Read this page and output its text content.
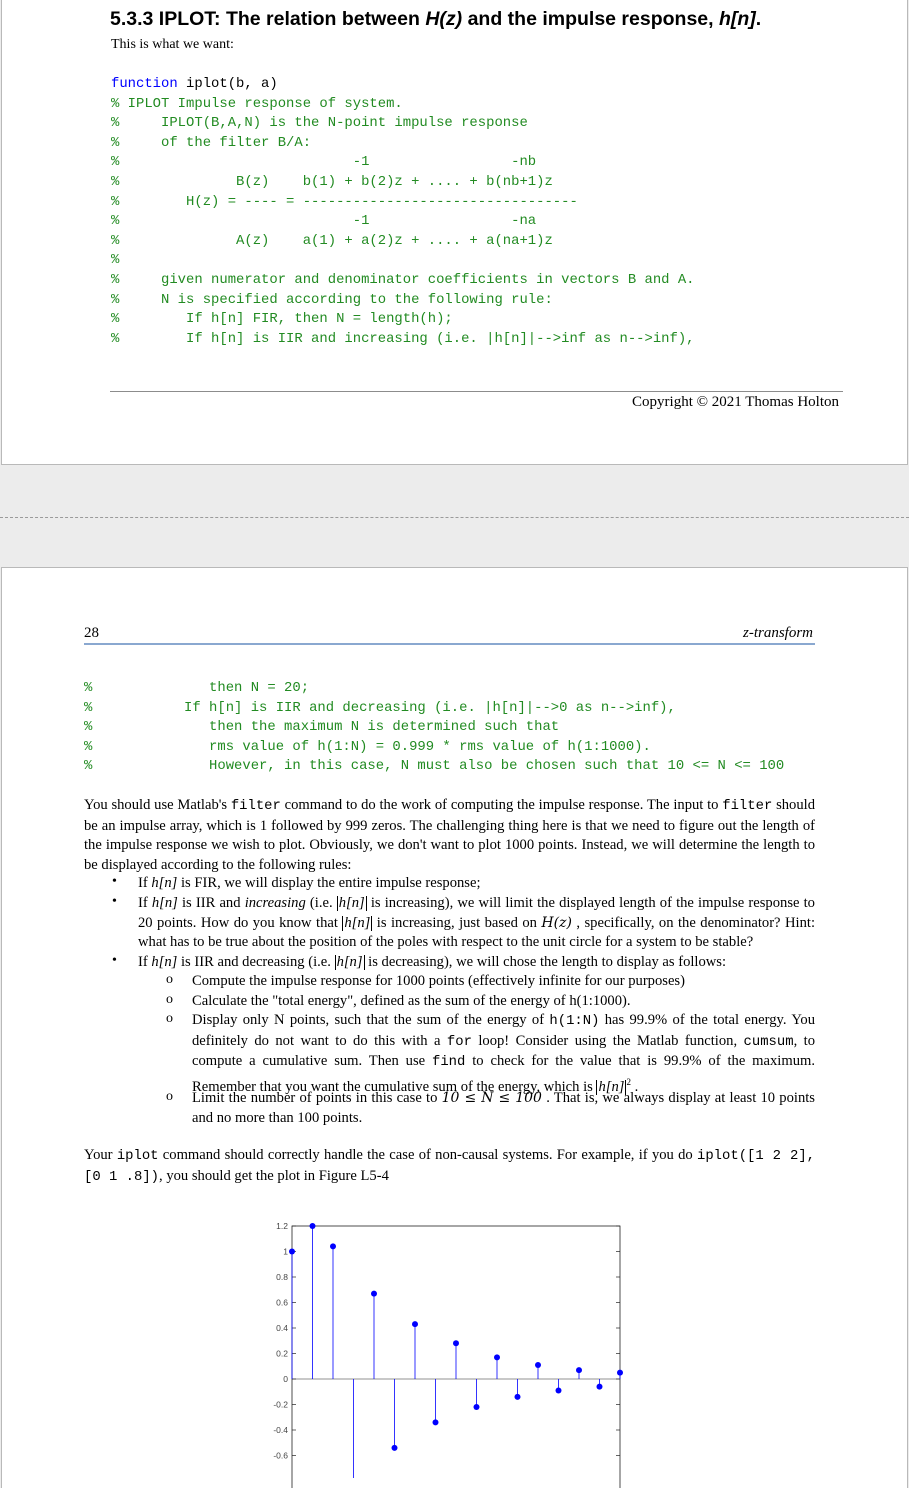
5.3.3 IPLOT: The relation between H(z) and the impulse response, h[n].
This is what we want:
function iplot(b, a)
% IPLOT Impulse response of system.
%     IPLOT(B,A,N) is the N-point impulse response
%     of the filter B/A:
%                            -1                 -nb
%              B(z)    b(1) + b(2)z + .... + b(nb+1)z
%        H(z) = ---- = ---------------------------------
%                            -1                 -na
%              A(z)    a(1) + a(2)z + .... + a(na+1)z
%
%     given numerator and denominator coefficients in vectors B and A.
%     N is specified according to the following rule:
%        If h[n] FIR, then N = length(h);
%        If h[n] is IIR and increasing (i.e. |h[n]|-->inf as n-->inf),
Copyright © 2021 Thomas Holton
28	z-transform
%              then N = 20;
%           If h[n] is IIR and decreasing (i.e. |h[n]|-->0 as n-->inf),
%              then the maximum N is determined such that
%              rms value of h(1:N) = 0.999 * rms value of h(1:1000).
%              However, in this case, N must also be chosen such that 10 <= N <= 100

You should use Matlab's filter command to do the work of computing the impulse response. The input to filter should be an impulse array, which is 1 followed by 999 zeros. The challenging thing here is that we need to figure out the length of the impulse response we wish to plot. Obviously, we don't want to plot 1000 points. Instead, we will determine the length to be displayed according to the following rules:

• If h[n] is FIR, we will display the entire impulse response;

• If h[n] is IIR and increasing (i.e. h[n] is increasing), we will limit the displayed length of the impulse response to 20 points. How do you know that h[n] is increasing, just based on H(z) , specifically, on the denominator? Hint: what has to be true about the position of the poles with respect to the unit circle for a system to be stable?

• If h[n] is IIR and decreasing (i.e. h[n] is decreasing), we will chose the length to display as follows:

o Compute the impulse response for 1000 points (effectively infinite for our purposes)

o Calculate the "total energy", defined as the sum of the energy of h(1:1000).

o Display only N points, such that the sum of the energy of h(1:N) has 99.9% of the total energy. You definitely do not want to do this with a for loop! Consider using the Matlab function, cumsum, to compute a cumulative sum. Then use find to check for the value that is 99.9% of the maximum. Remember that you want the cumulative sum of the energy, which is h[n] $^2$ .

o Limit the number of points in this case to 10 ≤ N ≤ 100 . That is, we always display at least 10 points and no more than 100 points.

Your iplot command should correctly handle the case of non-causal systems. For example, if you do iplot([1 2 2], [0 1 .8]), you should get the plot in Figure L5-4

1.2
1
0.8
0.6
0.4
0.2
0
-0.2
-0.4
-0.6
